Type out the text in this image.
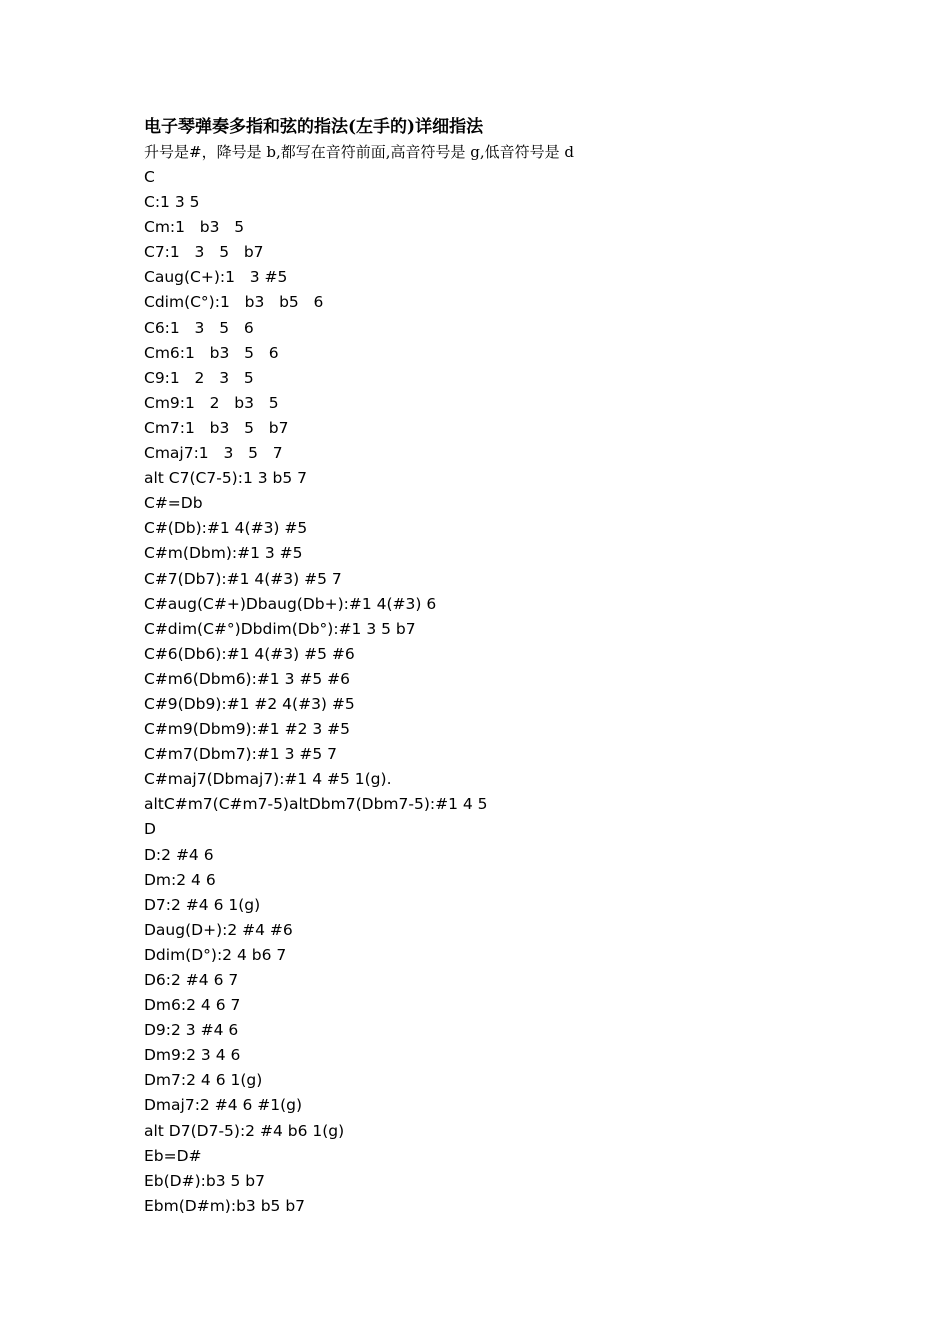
电子琴弹奏多指和弦的指法(左手的)详细指法

升号是#，降号是 b,都写在音符前面,高音符号是 g,低音符号是 d

C
C:1 3 5
Cm:1   b3   5
C7:1   3   5   b7
Caug(C+):1   3 #5
Cdim(C°):1   b3   b5   6
C6:1   3   5   6
Cm6:1   b3   5   6
C9:1   2   3   5
Cm9:1   2   b3   5
Cm7:1   b3   5   b7
Cmaj7:1   3   5   7
alt C7(C7-5):1 3 b5 7
C#=Db
C#(Db):#1 4(#3) #5
C#m(Dbm):#1 3 #5
C#7(Db7):#1 4(#3) #5 7
C#aug(C#+)Dbaug(Db+):#1 4(#3) 6
C#dim(C#°)Dbdim(Db°):#1 3 5 b7
C#6(Db6):#1 4(#3) #5 #6
C#m6(Dbm6):#1 3 #5 #6
C#9(Db9):#1 #2 4(#3) #5
C#m9(Dbm9):#1 #2 3 #5
C#m7(Dbm7):#1 3 #5 7
C#maj7(Dbmaj7):#1 4 #5 1(g).
altC#m7(C#m7-5)altDbm7(Dbm7-5):#1 4 5
D
D:2 #4 6
Dm:2 4 6
D7:2 #4 6 1(g)
Daug(D+):2 #4 #6
Ddim(D°):2 4 b6 7
D6:2 #4 6 7
Dm6:2 4 6 7
D9:2 3 #4 6
Dm9:2 3 4 6
Dm7:2 4 6 1(g)
Dmaj7:2 #4 6 #1(g)
alt D7(D7-5):2 #4 b6 1(g)
Eb=D#
Eb(D#):b3 5 b7
Ebm(D#m):b3 b5 b7
